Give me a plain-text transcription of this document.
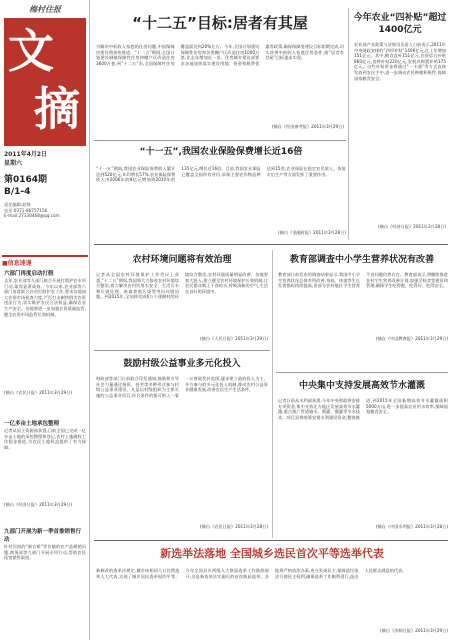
梅村住报
文
摘
2011年4月2日
星期六
第0164期
B/1-4
责任编辑:赵锦
电话:0371-86757156
E-mail:27330468@qq.com
■信息速递
六部门再度启动打假
去年,农业部等九部门联合开展打假护农专项行动,取得显著成效。今年以来,农业部等六部门再度联合启动打假护农工作,要求各地加大农资市场检查力度,严厉打击制售假劣农资违法行为,切实维护农民合法权益,确保农业生产安全。各地要进一步加强农资质量监管,健全农资市场监管长效机制。
(摘自《农民日报》2011年3月29日)
一亿多亩土地承包整理
记者从国土资源部获悉,目前全国已完成一亿多亩土地的承包整理和登记,农村土地确权工作稳步推进,为农民土地权益提供了有力保障。
(摘自《经济日报》2011年3月29日)
九部门开展为新一季首推销售行动
针对河南的“新合桥”等乡镇的农产品滞销问题,商务部等九部门开展专项行动,帮助农民拓宽销售渠道。
“十二五”目标:居者有其屋
为解决中低收入家庭的住房问题,中国保障房建设将加快推进。“十二五”期间,全国计划建设城镇保障性住房和棚户区改造住房3600万套,到“十二五”末,全国保障性住房覆盖面达到20%左右。今年,全国计划建设保障性住房和各类棚户区改造住房1000万套,比去年增加近一倍。住房城乡建设部要求各地加快落实建设用地、资金和税费优惠等政策,确保保障房建设目标如期完成,切实改善中低收入家庭住房条件,使“居者有其屋”目标逐步实现。
(摘自《经济参考报》2011年3月29日)
今年农业“四补贴”超过1400亿元
农业部产业政策与法规司负责人日前表示,2011年中央财政安排的“四项补贴”1406亿元,比上年增加151亿元。其中,粮食直补151亿元,农资综合补贴860亿元,良种补贴220亿元,农机具购置补贴175亿元。这些补贴资金将通过“一卡通”等方式直接发放到农民手中,进一步调动农民种粮积极性,保障国家粮食安全。
(摘自《经济日报》2011年3月28日)
“十一五”,我国农业保险保费增长近16倍
“十一五”期间,我国农业保险保费收入累计达到520亿元,年均增长57%,农业保险保费收入由2006年的8亿元增加到2010年的135亿元,增长近16倍。目前,我国农业保险已覆盖全国所有省份,承保主要农作物品种达到15类,农业保险在稳定农民收入、恢复灾后生产等方面发挥了重要作用。
(摘自《金融时报》2011年3月28日)
农村环境问题将有效治理
记者从全国农村环境保护工作会议上获悉,“十二五”期间,我国将大力推进农村环境综合整治,着力解决农村饮用水安全、生活污水和垃圾处理、畜禽养殖污染等突出环境问题。到2015年,全国将完成6万个建制村的环境综合整治,农村环境质量明显改善。各地要加大投入,建立健全农村环境保护长效机制,让农民群众喝上干净的水,呼吸清新的空气,生活在良好的环境中。
(摘自《人民日报》2011年3月29日)
教育部调查中小学生营养状况有改善
教育部日前发布的调查结果显示,我国中小学生营养状况总体有所改善,身高、体重等生长发育指标持续提高,但部分农村地区学生营养不良问题仍然存在。教育部表示,将继续推进农村学生营养改善计划,加强学校食堂建设和管理,确保学生吃得饱、吃得好、吃得安全。
(摘自《中国教育报》2011年3月29日)
鼓励村级公益事业多元化投入
财政部等部门日前联合印发通知,鼓励和引导社会力量通过捐资、投劳等多种形式参与村级公益事业建设。凡是以村级组织为主体实施的公益事业项目,符合条件的都可纳入一事一议财政奖补范围,逐步建立政府投入为主、多方参与的多元化投入机制,推动农村公益事业健康发展,改善农民生产生活条件。
(摘自《农民日报》2011年3月28日)
中央集中支持发展高效节水灌溉
记者日前从水利部获悉,今年中央财政将安排专项资金,集中支持北方地区发展高效节水灌溉,重点推广管道输水、喷灌、微灌等节水技术。项目县将统筹安排水利建设资金,整体推进,到2015年全国新增高效节水灌溉面积5000万亩,进一步提高农业用水效率,保障国家粮食安全。
(摘自《中国水利报》2011年3月28日)
新选举法落地 全国城乡选民首次平等选举代表
新修改的选举法规定,城乡按相同人口比例选举人大代表,实现了城乡居民选举权的平等。今年全国县乡两级人大换届选举工作陆续展开,这是新选举法实施后的首次换届选举。各地将严格依法办事,充分发扬民主,保障选民依法行使民主权利,确保选举工作顺利进行,选出人民群众满意的代表。
(摘自《法制日报》2011年3月29日)
